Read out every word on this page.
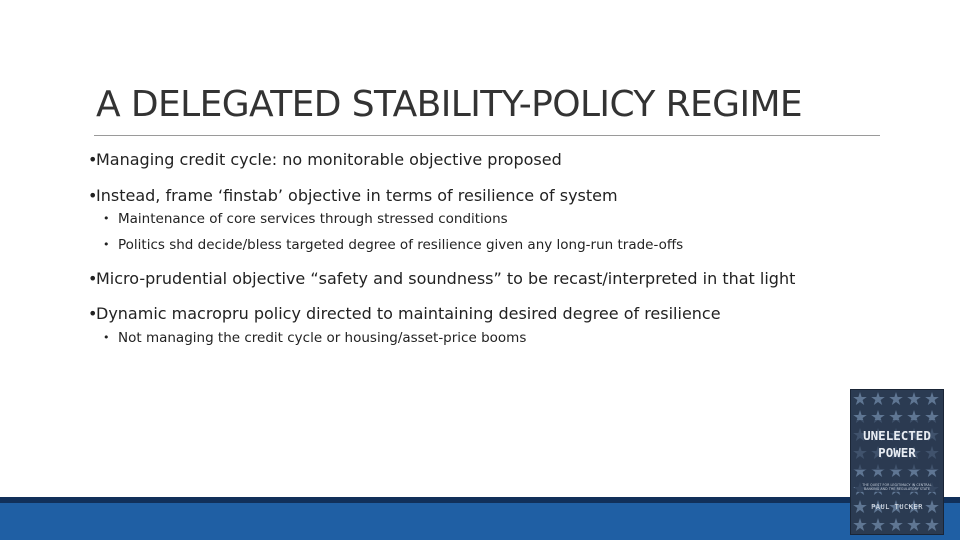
A DELEGATED STABILITY-POLICY REGIME
• Managing credit cycle: no monitorable objective proposed
• Instead, frame ‘finstab’ objective in terms of resilience of system
• Maintenance of core services through stressed conditions
• Politics shd decide/bless targeted degree of resilience given any long-run trade-offs
• Micro-prudential objective “safety and soundness” to be recast/interpreted in that light
• Dynamic macropru policy directed to maintaining desired degree of resilience
• Not managing the credit cycle or housing/asset-price booms
UNELECTED
POWER
THE QUEST FOR LEGITIMACY IN CENTRAL
BANKING AND THE REGULATORY STATE
PAUL TUCKER
